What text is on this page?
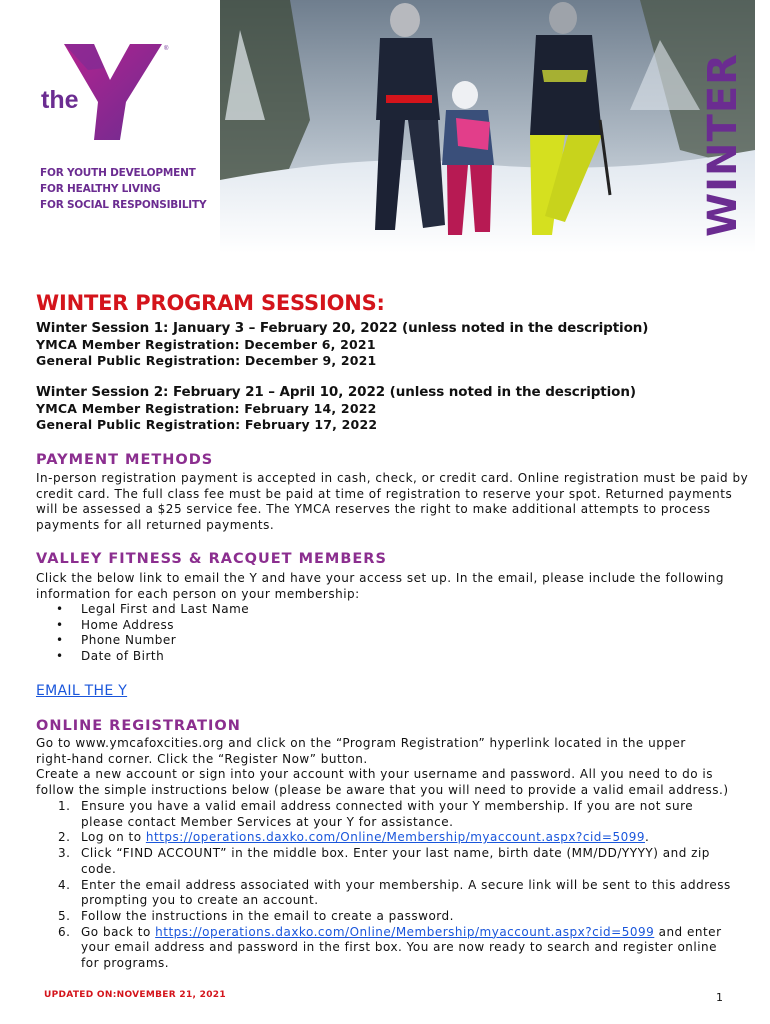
the
YMCA
®
FOR YOUTH DEVELOPMENT
FOR HEALTHY LIVING
FOR SOCIAL RESPONSIBILITY	WINTER
WINTER PROGRAM SESSIONS:
Winter Session 1: January 3 – February 20, 2022 (unless noted in the description)
YMCA Member Registration: December 6, 2021
General Public Registration: December 9, 2021
Winter Session 2: February 21 – April 10, 2022 (unless noted in the description)
YMCA Member Registration: February 14, 2022
General Public Registration: February 17, 2022
PAYMENT METHODS
In-person registration payment is accepted in cash, check, or credit card. Online registration must be paid by
credit card. The full class fee must be paid at time of registration to reserve your spot. Returned payments
will be assessed a $25 service fee. The YMCA reserves the right to make additional attempts to process
payments for all returned payments.
VALLEY FITNESS & RACQUET MEMBERS
Click the below link to email the Y and have your access set up. In the email, please include the following
information for each person on your membership:
• Legal First and Last Name
• Home Address
• Phone Number
• Date of Birth
EMAIL THE Y
ONLINE REGISTRATION
Go to www.ymcafoxcities.org and click on the “Program Registration” hyperlink located in the upper
right-hand corner. Click the “Register Now” button.
Create a new account or sign into your account with your username and password. All you need to do is
follow the simple instructions below (please be aware that you will need to provide a valid email address.)
1. Ensure you have a valid email address connected with your Y membership. If you are not sure
please contact Member Services at your Y for assistance.
2. Log on to https://operations.daxko.com/Online/Membership/myaccount.aspx?cid=5099.
3. Click “FIND ACCOUNT” in the middle box. Enter your last name, birth date (MM/DD/YYYY) and zip
code.
4. Enter the email address associated with your membership. A secure link will be sent to this address
prompting you to create an account.
5. Follow the instructions in the email to create a password.
6. Go back to https://operations.daxko.com/Online/Membership/myaccount.aspx?cid=5099 and enter
your email address and password in the first box. You are now ready to search and register online
for programs.
UPDATED ON:NOVEMBER 21, 2021	1
